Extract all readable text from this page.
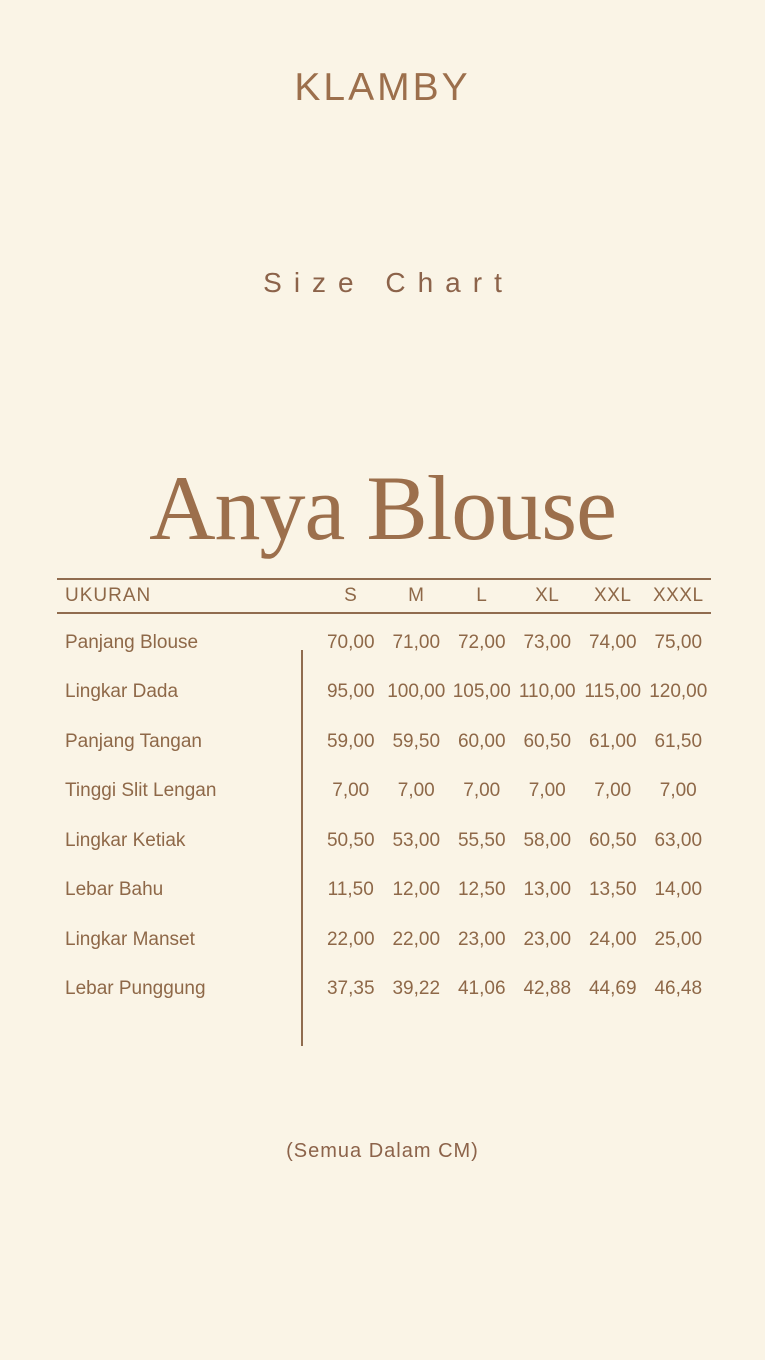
KLAMBY
Size Chart
Anya Blouse
UKURAN	S	M	L	XL	XXL	XXXL
Panjang Blouse	70,00 71,00 72,00 73,00 74,00 75,00
Lingkar Dada	95,00 100,00 105,00 110,00 115,00 120,00
Panjang Tangan	59,00 59,50 60,00 60,50 61,00 61,50
Tinggi Slit Lengan	7,00	7,00	7,00	7,00	7,00	7,00
Lingkar Ketiak	50,50 53,00 55,50 58,00 60,50 63,00
Lebar Bahu	11,50 12,00 12,50 13,00 13,50 14,00
Lingkar Manset	22,00 22,00 23,00 23,00 24,00 25,00
Lebar Punggung	37,35 39,22 41,06 42,88 44,69 46,48
(Semua Dalam CM)
